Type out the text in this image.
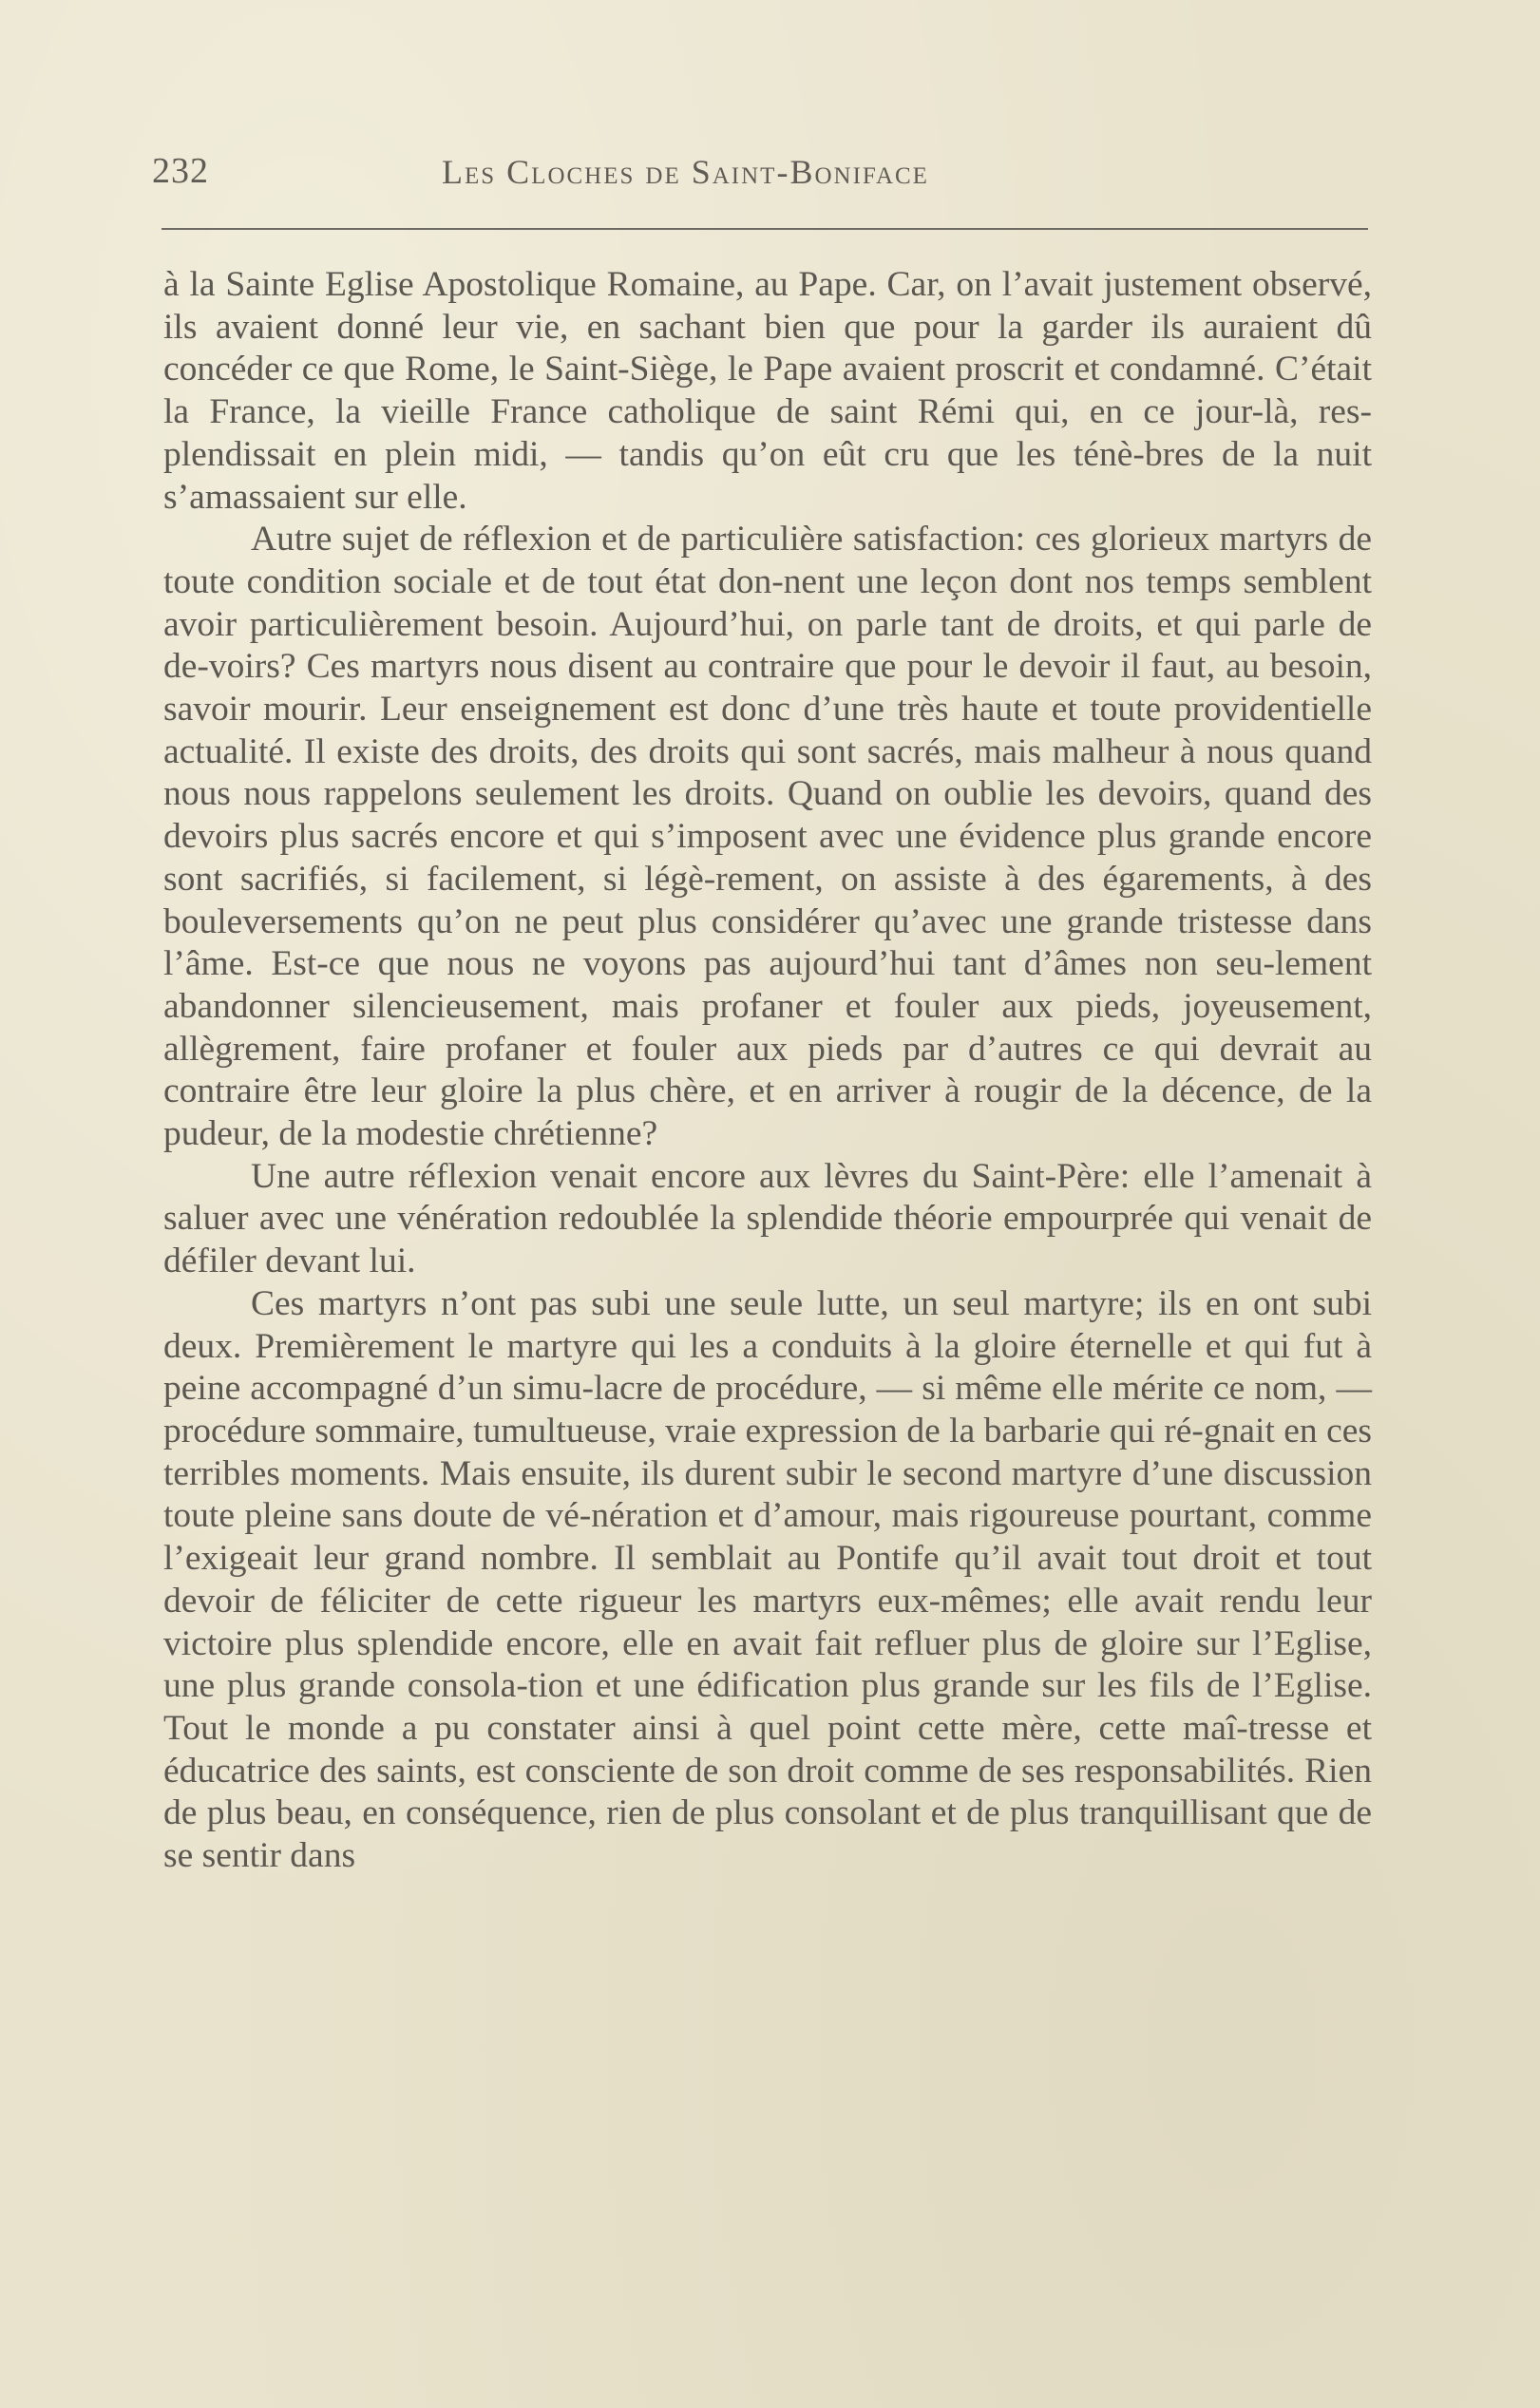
232	Les Cloches de Saint-Boniface

à la Sainte Eglise Apostolique Romaine, au Pape. Car, on l’avait justement observé, ils avaient donné leur vie, en sachant bien que pour la garder ils auraient dû concéder ce que Rome, le Saint-Siège, le Pape avaient proscrit et condamné. C’était la France, la vieille France catholique de saint Rémi qui, en ce jour-là, res-plendissait en plein midi, — tandis qu’on eût cru que les ténè-bres de la nuit s’amassaient sur elle.

Autre sujet de réflexion et de particulière satisfaction: ces glorieux martyrs de toute condition sociale et de tout état don-nent une leçon dont nos temps semblent avoir particulièrement besoin. Aujourd’hui, on parle tant de droits, et qui parle de de-voirs? Ces martyrs nous disent au contraire que pour le devoir il faut, au besoin, savoir mourir. Leur enseignement est donc d’une très haute et toute providentielle actualité. Il existe des droits, des droits qui sont sacrés, mais malheur à nous quand nous nous rappelons seulement les droits. Quand on oublie les devoirs, quand des devoirs plus sacrés encore et qui s’imposent avec une évidence plus grande encore sont sacrifiés, si facilement, si légè-rement, on assiste à des égarements, à des bouleversements qu’on ne peut plus considérer qu’avec une grande tristesse dans l’âme. Est-ce que nous ne voyons pas aujourd’hui tant d’âmes non seu-lement abandonner silencieusement, mais profaner et fouler aux pieds, joyeusement, allègrement, faire profaner et fouler aux pieds par d’autres ce qui devrait au contraire être leur gloire la plus chère, et en arriver à rougir de la décence, de la pudeur, de la modestie chrétienne?

Une autre réflexion venait encore aux lèvres du Saint-Père: elle l’amenait à saluer avec une vénération redoublée la splendide théorie empourprée qui venait de défiler devant lui.

Ces martyrs n’ont pas subi une seule lutte, un seul martyre; ils en ont subi deux. Premièrement le martyre qui les a conduits à la gloire éternelle et qui fut à peine accompagné d’un simu-lacre de procédure, — si même elle mérite ce nom, — procédure sommaire, tumultueuse, vraie expression de la barbarie qui ré-gnait en ces terribles moments. Mais ensuite, ils durent subir le second martyre d’une discussion toute pleine sans doute de vé-nération et d’amour, mais rigoureuse pourtant, comme l’exigeait leur grand nombre. Il semblait au Pontife qu’il avait tout droit et tout devoir de féliciter de cette rigueur les martyrs eux-mêmes; elle avait rendu leur victoire plus splendide encore, elle en avait fait refluer plus de gloire sur l’Eglise, une plus grande consola-tion et une édification plus grande sur les fils de l’Eglise. Tout le monde a pu constater ainsi à quel point cette mère, cette maî-tresse et éducatrice des saints, est consciente de son droit comme de ses responsabilités. Rien de plus beau, en conséquence, rien de plus consolant et de plus tranquillisant que de se sentir dans
